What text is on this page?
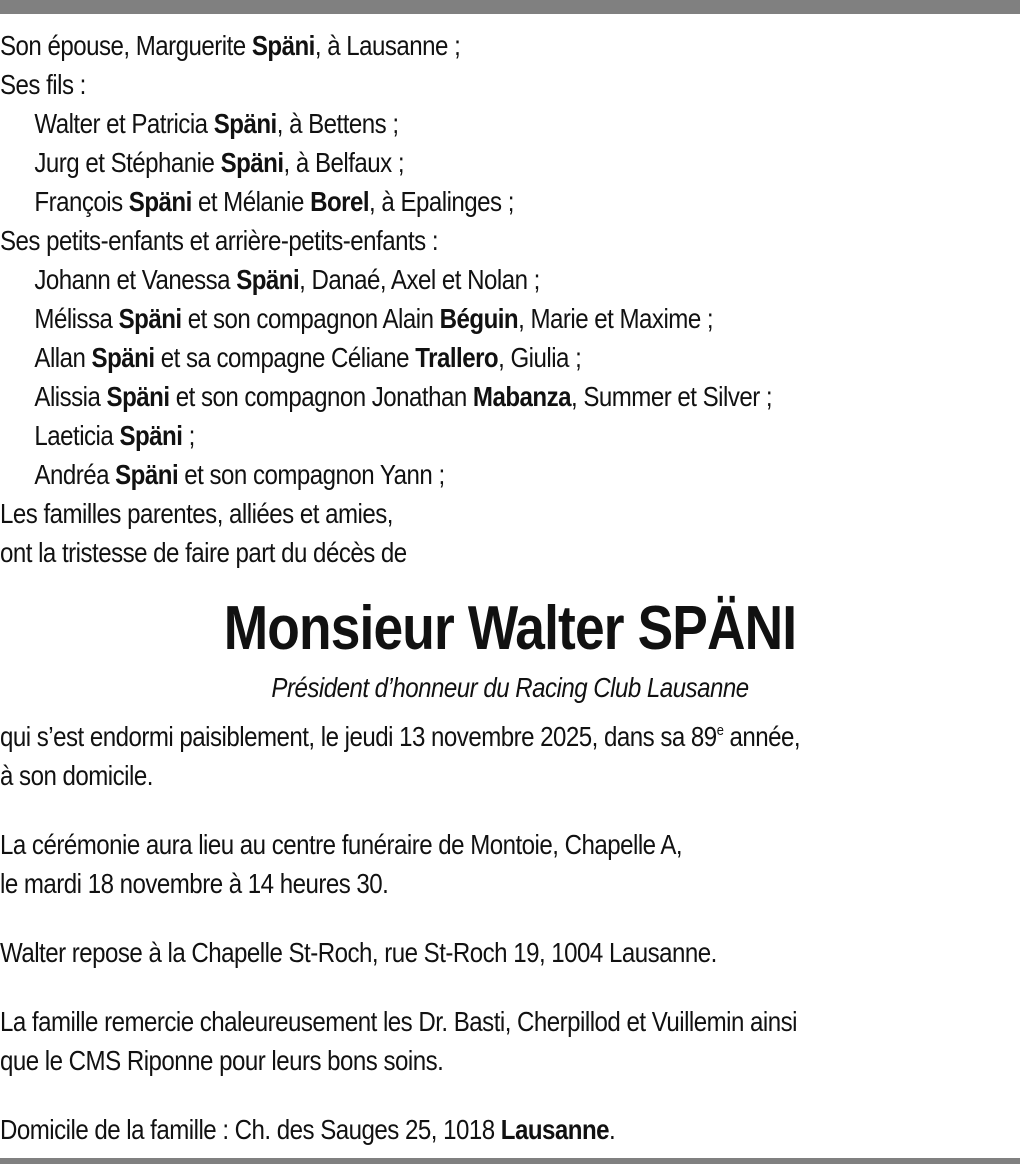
Son épouse, Marguerite Späni, à Lausanne ;
Ses fils :
Walter et Patricia Späni, à Bettens ;
Jurg et Stéphanie Späni, à Belfaux ;
François Späni et Mélanie Borel, à Epalinges ;
Ses petits-enfants et arrière-petits-enfants :
Johann et Vanessa Späni, Danaé, Axel et Nolan ;
Mélissa Späni et son compagnon Alain Béguin, Marie et Maxime ;
Allan Späni et sa compagne Céliane Trallero, Giulia ;
Alissia Späni et son compagnon Jonathan Mabanza, Summer et Silver ;
Laeticia Späni ;
Andréa Späni et son compagnon Yann ;
Les familles parentes, alliées et amies,
ont la tristesse de faire part du décès de
Monsieur Walter SPÄNI
Président d’honneur du Racing Club Lausanne
qui s’est endormi paisiblement, le jeudi 13 novembre 2025, dans sa 89e année,
à son domicile.
La cérémonie aura lieu au centre funéraire de Montoie, Chapelle A,
le mardi 18 novembre à 14 heures 30.
Walter repose à la Chapelle St-Roch, rue St-Roch 19, 1004 Lausanne.
La famille remercie chaleureusement les Dr. Basti, Cherpillod et Vuillemin ainsi
que le CMS Riponne pour leurs bons soins.
Domicile de la famille : Ch. des Sauges 25, 1018 Lausanne.
